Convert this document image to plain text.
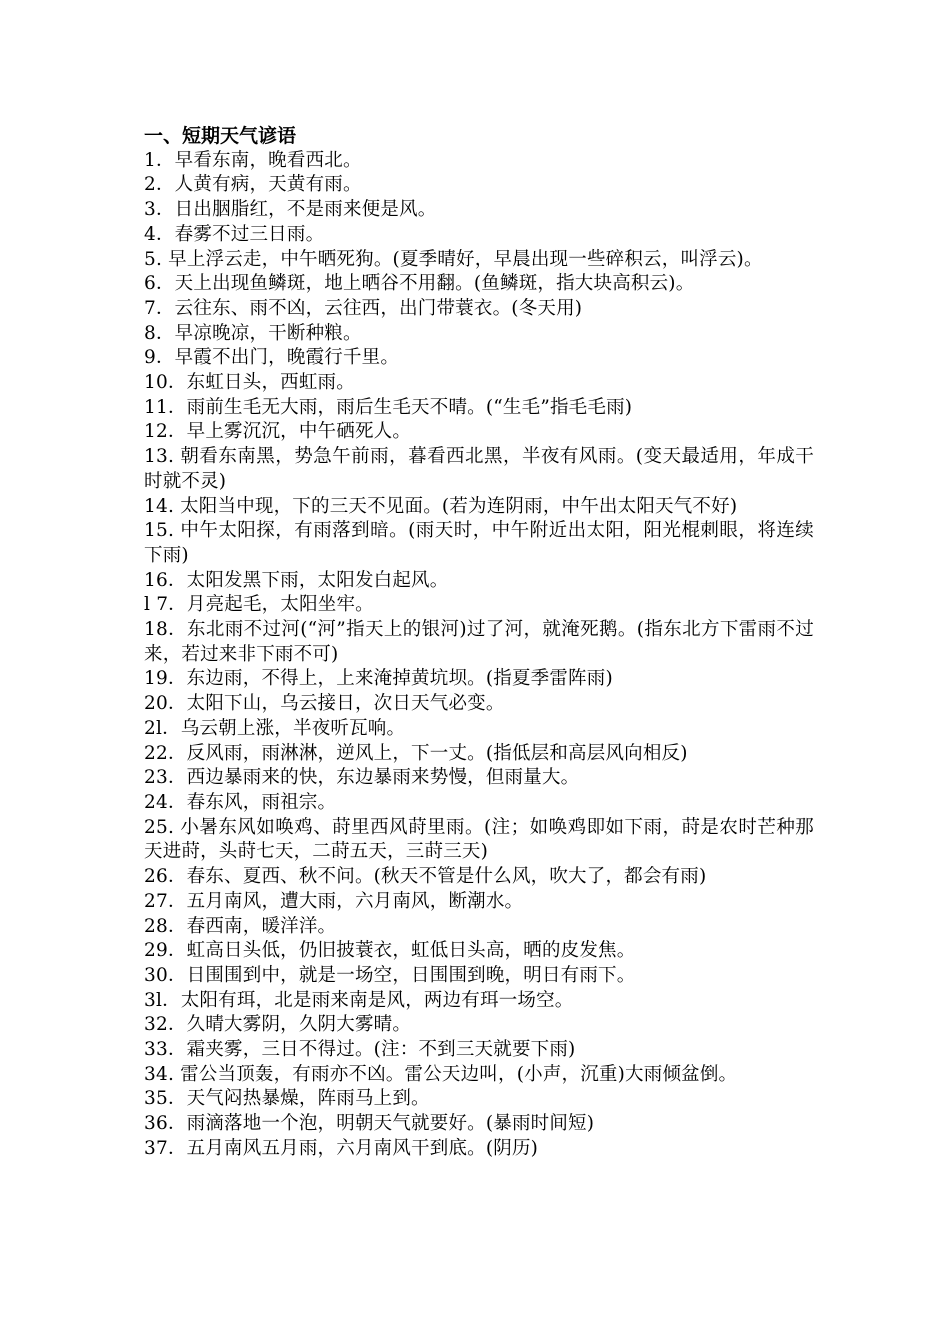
一、短期天气谚语
1．早看东南，晚看西北。
2．人黄有病，天黄有雨。
3．日出胭脂红，不是雨来便是风。
4．春雾不过三日雨。
5. 早上浮云走，中午晒死狗。(夏季晴好，早晨出现一些碎积云，叫浮云)。
6．天上出现鱼鳞斑，地上晒谷不用翻。(鱼鳞斑，指大块高积云)。
7．云往东、雨不凶，云往西，出门带蓑衣。(冬天用)
8．早凉晚凉，干断种粮。
9．早霞不出门，晚霞行千里。
10．东虹日头，西虹雨。
11．雨前生毛无大雨，雨后生毛天不晴。(“生毛”指毛毛雨)
12．早上雾沉沉，中午硒死人。
13. 朝看东南黑，势急午前雨，暮看西北黑，半夜有风雨。(变天最适用，年成干时就不灵)
14. 太阳当中现，下的三天不见面。(若为连阴雨，中午出太阳天气不好)
15. 中午太阳探，有雨落到暗。(雨天时，中午附近出太阳，阳光棍刺眼，将连续下雨)
16．太阳发黑下雨，太阳发白起风。
l 7．月亮起毛，太阳坐牢。
18．东北雨不过河(“河”指天上的银河)过了河，就淹死鹅。(指东北方下雷雨不过来，若过来非下雨不可)
19．东边雨，不得上，上来淹掉黄坑坝。(指夏季雷阵雨)
20．太阳下山，乌云接日，次日天气必变。
2l．乌云朝上涨，半夜听瓦响。
22．反风雨，雨淋淋，逆风上，下一丈。(指低层和高层风向相反)
23．西边暴雨来的快，东边暴雨来势慢，但雨量大。
24．春东风，雨祖宗。
25. 小暑东风如唤鸡、莳里西风莳里雨。(注；如唤鸡即如下雨，莳是农时芒种那天进莳，头莳七天，二莳五天，三莳三天)
26．春东、夏西、秋不问。(秋天不管是什么风，吹大了，都会有雨)
27．五月南风，遭大雨，六月南风，断潮水。
28．春西南，暖洋洋。
29．虹高日头低，仍旧披蓑衣，虹低日头高，晒的皮发焦。
30．日围围到中，就是一场空，日围围到晚，明日有雨下。
3l．太阳有珥，北是雨来南是风，两边有珥一场空。
32．久晴大雾阴，久阴大雾晴。
33．霜夹雾，三日不得过。(注：不到三天就要下雨)
34. 雷公当顶轰，有雨亦不凶。雷公天边叫，(小声，沉重)大雨倾盆倒。
35．天气闷热暴燥，阵雨马上到。
36．雨滴落地一个泡，明朝天气就要好。(暴雨时间短)
37．五月南风五月雨，六月南风干到底。(阴历)
